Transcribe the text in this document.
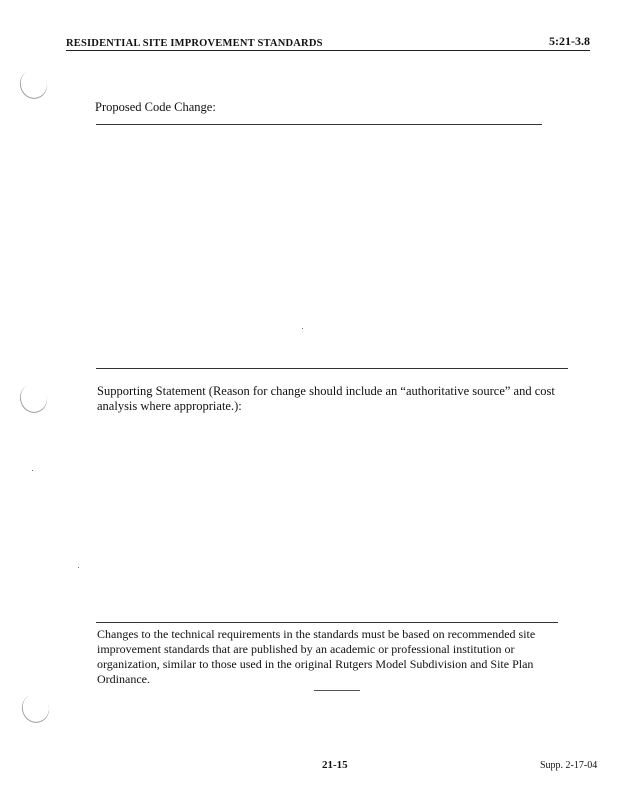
RESIDENTIAL SITE IMPROVEMENT STANDARDS	5:21-3.8
Proposed Code Change:
Supporting Statement (Reason for change should include an “authoritative source” and cost analysis where appropriate.):
Changes to the technical requirements in the standards must be based on recommended site improvement standards that are published by an academic or professional institution or organization, similar to those used in the original Rutgers Model Subdivision and Site Plan Ordinance.
21-15	Supp. 2-17-04
